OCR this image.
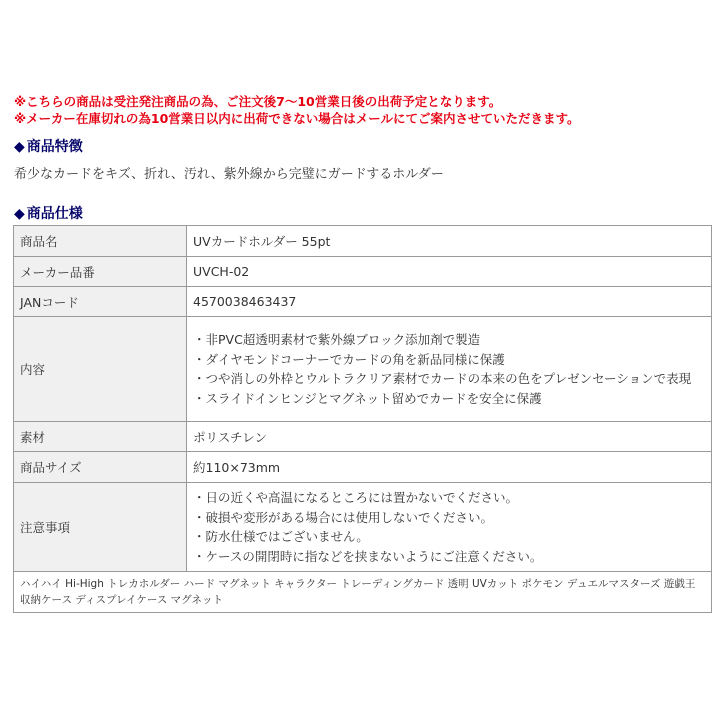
※こちらの商品は受注発注商品の為、ご注文後7～10営業日後の出荷予定となります。
※メーカー在庫切れの為10営業日以内に出荷できない場合はメールにてご案内させていただきます。
◆ 商品特徴
希少なカードをキズ、折れ、汚れ、紫外線から完璧にガードするホルダー
◆ 商品仕様
商品名	UVカードホルダー 55pt
メーカー品番	UVCH-02
JANコード	4570038463437
内容	・非PVC超透明素材で紫外線ブロック添加剤で製造
・ダイヤモンドコーナーでカードの角を新品同様に保護
・つや消しの外枠とウルトラクリア素材でカードの本来の色をプレゼンセーションで表現
・スライドインヒンジとマグネット留めでカードを安全に保護

素材	ポリスチレン
商品サイズ	約110×73mm
注意事項	・日の近くや高温になるところには置かないでください。
・破損や変形がある場合には使用しないでください。
・防水仕様ではございません。
・ケースの開閉時に指などを挟まないようにご注意ください。

ハイハイ Hi-High トレカホルダー ハード マグネット キャラクター トレーディングカード 透明 UVカット ポケモン デュエルマスターズ 遊戯王 収納ケース ディスプレイケース マグネット	
